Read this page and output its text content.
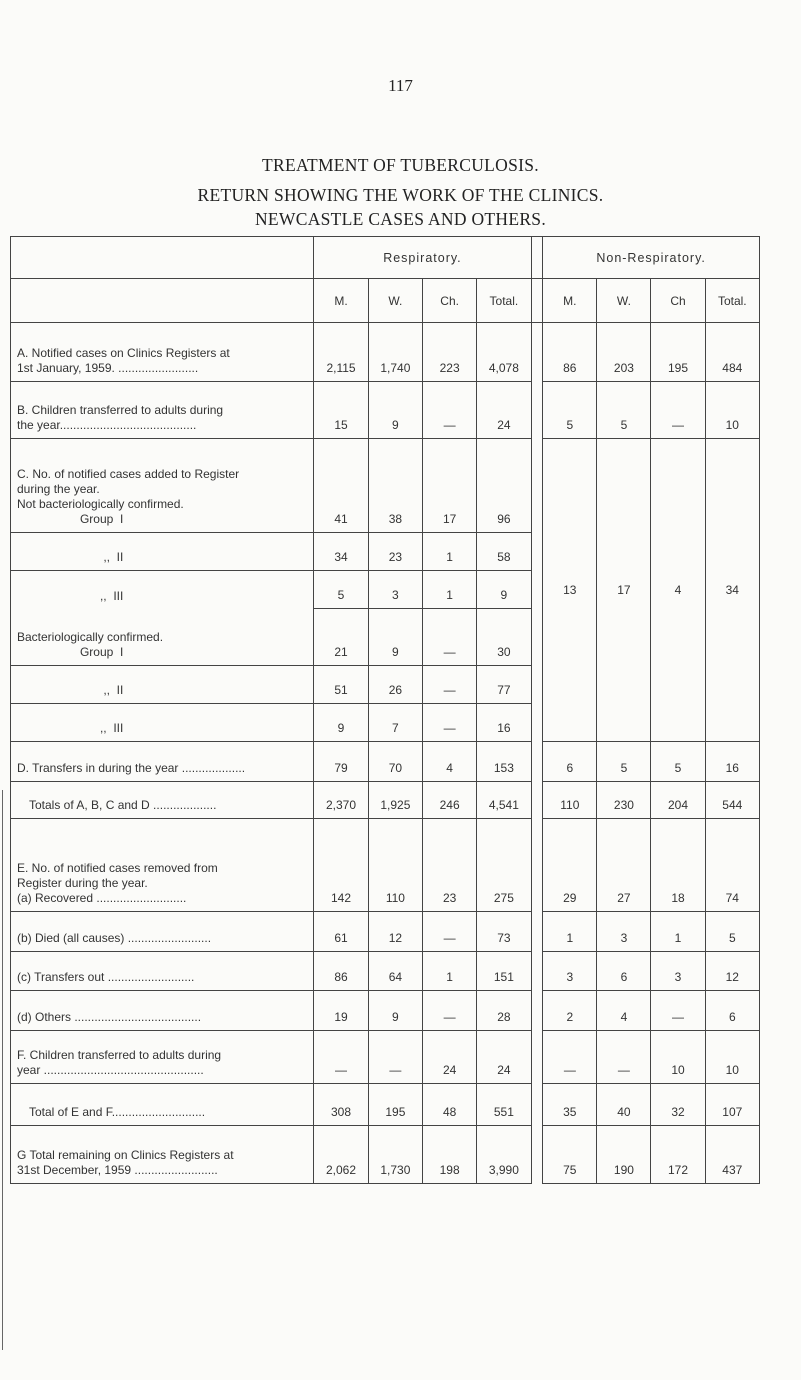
117
TREATMENT OF TUBERCULOSIS.
RETURN SHOWING THE WORK OF THE CLINICS.
NEWCASTLE CASES AND OTHERS.
	Respiratory.					Non-Respiratory.			
	M.	W.	Ch.	Total.		M.	W.	Ch	Total.
A. Notified cases on Clinics Registers at
1st January, 1959. ........................	2,115	1,740	223	4,078		86	203	195	484
B. Children transferred to adults during
the year.........................................	15	9	—	24		5	5	—	10
C. No. of notified cases added to Register
during the year.
Not bacteriologically confirmed.

Group I	41	38	17	96		13	17	4	34

,, II	34	23	1	58					

,, III	5	3	1	9					
Bacteriologically confirmed.

Group I	21	9	—	30					

,, II	51	26	—	77					

,, III	9	7	—	16					
D. Transfers in during the year ...................	79	70	4	153		6	5	5	16
Totals of A, B, C and D ...................	2,370	1,925	246	4,541		110	230	204	544
E. No. of notified cases removed from
Register during the year.
(a) Recovered ...........................	142	110	23	275		29	27	18	74
(b) Died (all causes) .........................	61	12	—	73		1	3	1	5
(c) Transfers out ..........................	86	64	1	151		3	6	3	12
(d) Others ......................................	19	9	—	28		2	4	—	6
F. Children transferred to adults during
year ................................................	—	—	24	24		—	—	10	10
Total of E and F............................	308	195	48	551		35	40	32	107
G Total remaining on Clinics Registers at
31st December, 1959 .........................	2,062	1,730	198	3,990		75	190	172	437
